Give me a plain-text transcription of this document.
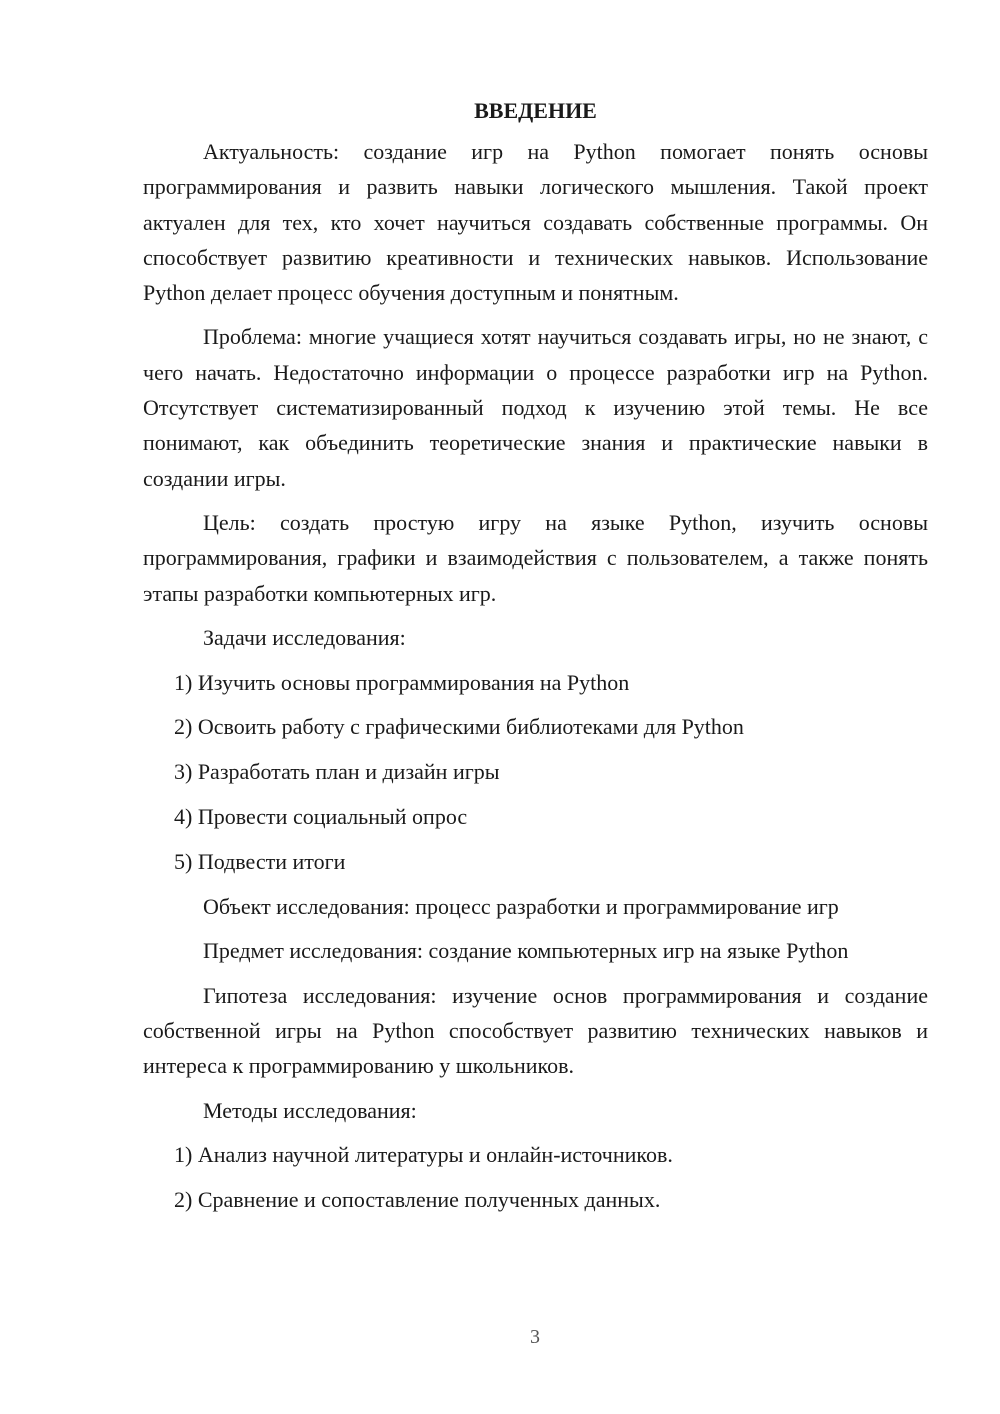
ВВЕДЕНИЕ

Актуальность: создание игр на Python помогает понять основы программирования и развить навыки логического мышления. Такой проект актуален для тех, кто хочет научиться создавать собственные программы. Он способствует развитию креативности и технических навыков. Использование Python делает процесс обучения доступным и понятным.

Проблема: многие учащиеся хотят научиться создавать игры, но не знают, с чего начать. Недостаточно информации о процессе разработки игр на Python. Отсутствует систематизированный подход к изучению этой темы. Не все понимают, как объединить теоретические знания и практические навыки в создании игры.

Цель: создать простую игру на языке Python, изучить основы программирования, графики и взаимодействия с пользователем, а также понять этапы разработки компьютерных игр.

Задачи исследования:
1) Изучить основы программирования на Python
2) Освоить работу с графическими библиотеками для Python
3) Разработать план и дизайн игры
4) Провести социальный опрос
5) Подвести итоги
Объект исследования: процесс разработки и программирование игр

Предмет исследования: создание компьютерных игр на языке Python

Гипотеза исследования: изучение основ программирования и создание собственной игры на Python способствует развитию технических навыков и интереса к программированию у школьников.

Методы исследования:
1) Анализ научной литературы и онлайн-источников.
2) Сравнение и сопоставление полученных данных.
3
